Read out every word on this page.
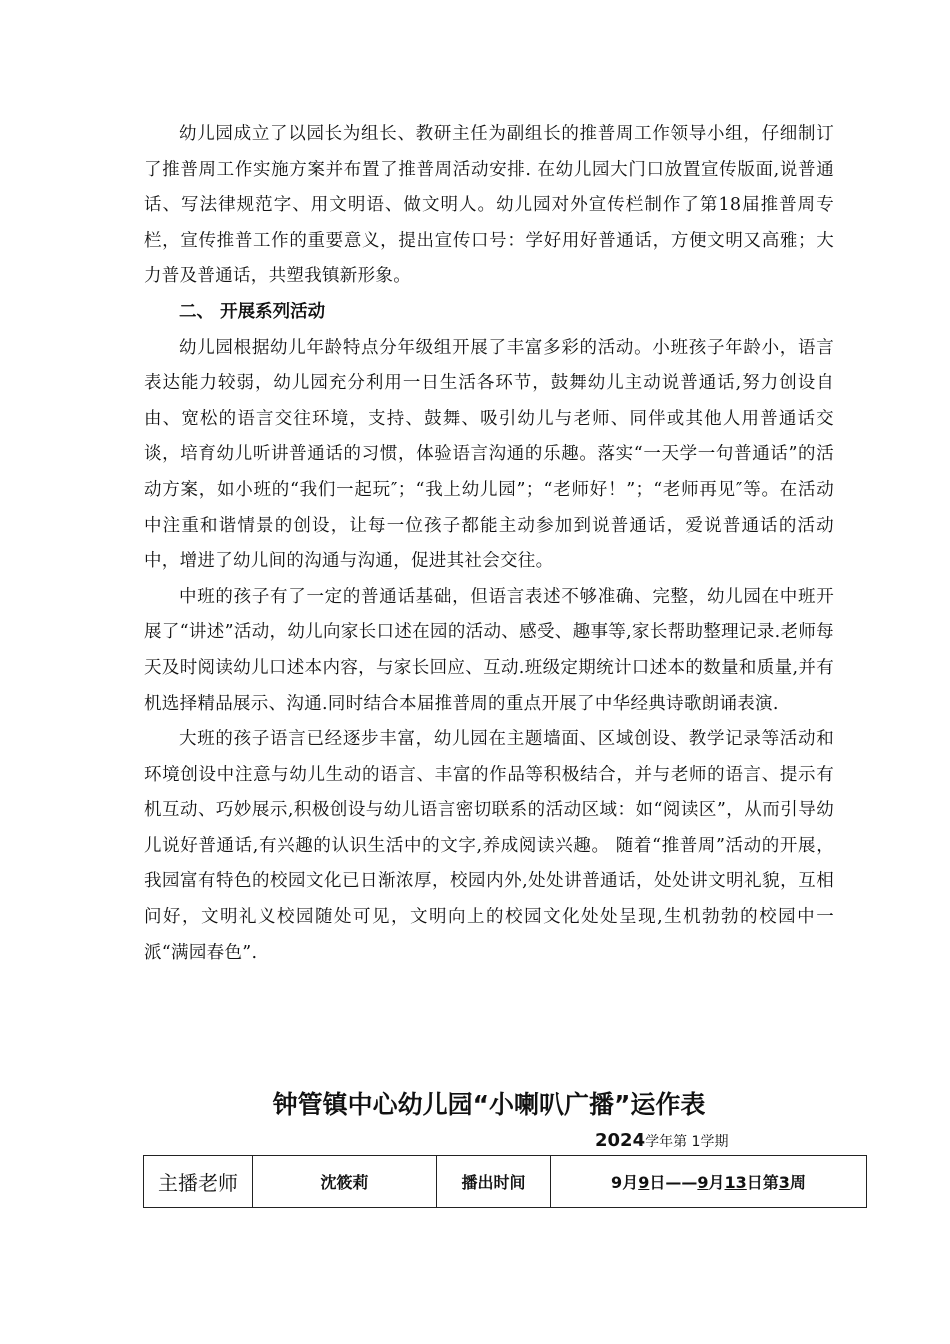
幼儿园成立了以园长为组长、教研主任为副组长的推普周工作领导小组，仔细制订了推普周工作实施方案并布置了推普周活动安排. 在幼儿园大门口放置宣传版面,说普通话、写法律规范字、用文明语、做文明人。幼儿园对外宣传栏制作了第18届推普周专栏，宣传推普工作的重要意义，提出宣传口号：学好用好普通话，方便文明又高雅；大力普及普通话，共塑我镇新形象。

二、 开展系列活动

幼儿园根据幼儿年龄特点分年级组开展了丰富多彩的活动。小班孩子年龄小，语言表达能力较弱，幼儿园充分利用一日生活各环节，鼓舞幼儿主动说普通话,努力创设自由、宽松的语言交往环境，支持、鼓舞、吸引幼儿与老师、同伴或其他人用普通话交谈，培育幼儿听讲普通话的习惯，体验语言沟通的乐趣。落实“一天学一句普通话”的活动方案，如小班的“我们一起玩″；“我上幼儿园”；“老师好！”；“老师再见″等。在活动中注重和谐情景的创设，让每一位孩子都能主动参加到说普通话，爱说普通话的活动中，增进了幼儿间的沟通与沟通，促进其社会交往。

中班的孩子有了一定的普通话基础，但语言表述不够准确、完整，幼儿园在中班开展了“讲述”活动，幼儿向家长口述在园的活动、感受、趣事等,家长帮助整理记录.老师每天及时阅读幼儿口述本内容，与家长回应、互动.班级定期统计口述本的数量和质量,并有机选择精品展示、沟通.同时结合本届推普周的重点开展了中华经典诗歌朗诵表演.

大班的孩子语言已经逐步丰富，幼儿园在主题墙面、区域创设、教学记录等活动和环境创设中注意与幼儿生动的语言、丰富的作品等积极结合，并与老师的语言、提示有机互动、巧妙展示,积极创设与幼儿语言密切联系的活动区域：如“阅读区”，从而引导幼儿说好普通话,有兴趣的认识生活中的文字,养成阅读兴趣。 随着“推普周”活动的开展，我园富有特色的校园文化已日渐浓厚，校园内外,处处讲普通话，处处讲文明礼貌，互相问好，文明礼义校园随处可见，文明向上的校园文化处处呈现,生机勃勃的校园中一派“满园春色”.

钟管镇中心幼儿园“小喇叭广播”运作表
2024学年第 1学期
主播老师	沈筱莉	播出时间	9月9日——9月13日第3周
